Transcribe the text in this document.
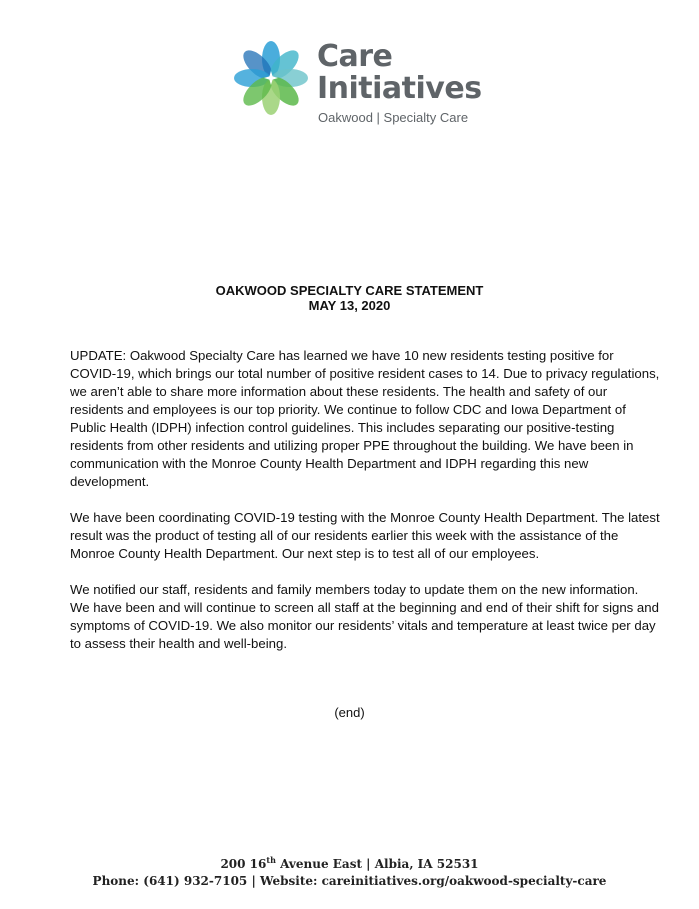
Care
Initiatives
Oakwood | Specialty Care
OAKWOOD SPECIALTY CARE STATEMENT
MAY 13, 2020

UPDATE: Oakwood Specialty Care has learned we have 10 new residents testing positive for COVID-19, which brings our total number of positive resident cases to 14. Due to privacy regulations, we aren’t able to share more information about these residents. The health and safety of our residents and employees is our top priority. We continue to follow CDC and Iowa Department of Public Health (IDPH) infection control guidelines. This includes separating our positive-testing residents from other residents and utilizing proper PPE throughout the building. We have been in communication with the Monroe County Health Department and IDPH regarding this new development.

We have been coordinating COVID-19 testing with the Monroe County Health Department. The latest result was the product of testing all of our residents earlier this week with the assistance of the Monroe County Health Department. Our next step is to test all of our employees.

We notified our staff, residents and family members today to update them on the new information. We have been and will continue to screen all staff at the beginning and end of their shift for signs and symptoms of COVID-19. We also monitor our residents’ vitals and temperature at least twice per day to assess their health and well-being.

(end)
200 16th Avenue East | Albia, IA 52531
Phone: (641) 932-7105 | Website: careinitiatives.org/oakwood-specialty-care
